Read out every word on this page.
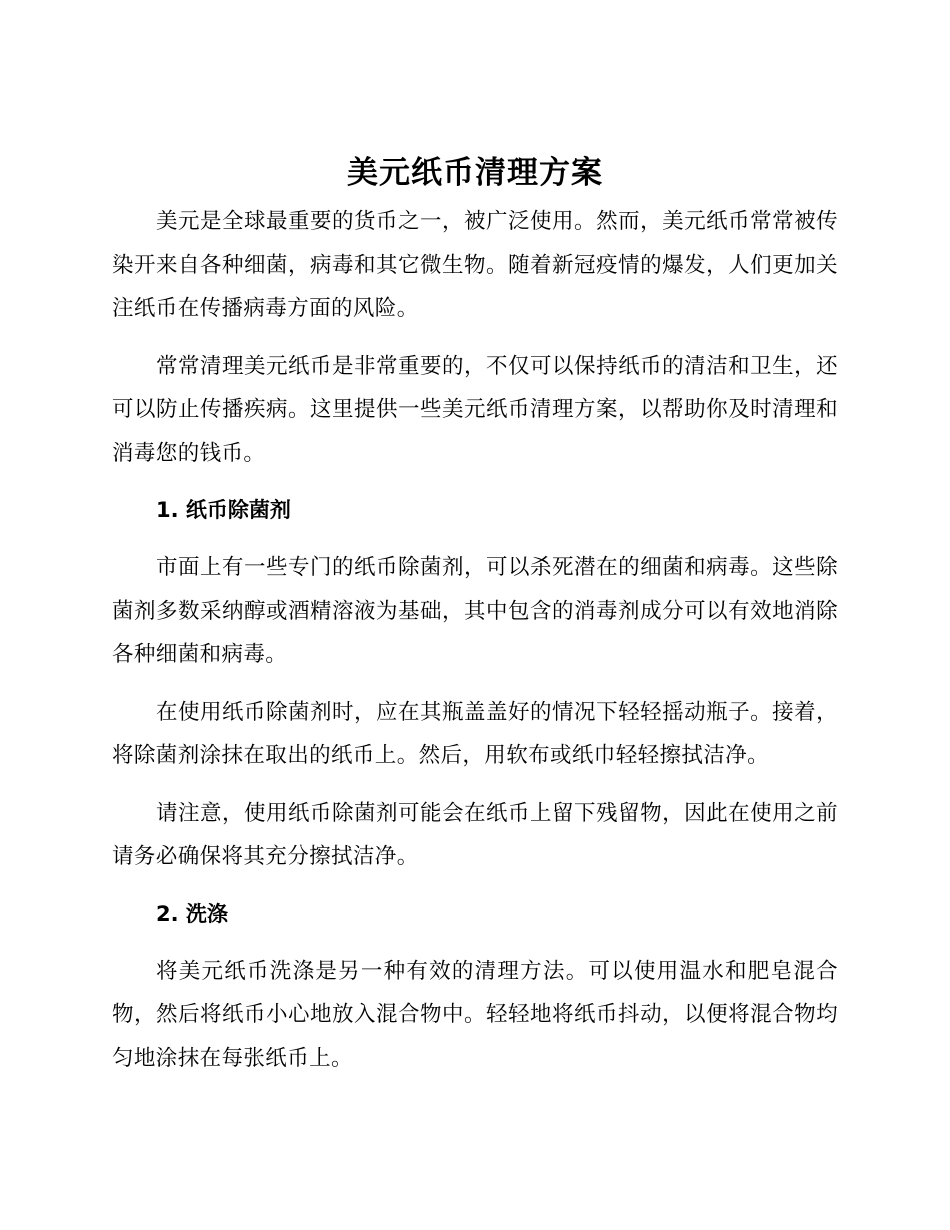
美元纸币清理方案

美元是全球最重要的货币之一，被广泛使用。然而，美元纸币常常被传染开来自各种细菌，病毒和其它微生物。随着新冠疫情的爆发，人们更加关注纸币在传播病毒方面的风险。

常常清理美元纸币是非常重要的，不仅可以保持纸币的清洁和卫生，还可以防止传播疾病。这里提供一些美元纸币清理方案，以帮助你及时清理和消毒您的钱币。

1. 纸币除菌剂

市面上有一些专门的纸币除菌剂，可以杀死潜在的细菌和病毒。这些除菌剂多数采纳醇或酒精溶液为基础，其中包含的消毒剂成分可以有效地消除各种细菌和病毒。

在使用纸币除菌剂时，应在其瓶盖盖好的情况下轻轻摇动瓶子。接着，将除菌剂涂抹在取出的纸币上。然后，用软布或纸巾轻轻擦拭洁净。

请注意，使用纸币除菌剂可能会在纸币上留下残留物，因此在使用之前请务必确保将其充分擦拭洁净。

2. 洗涤

将美元纸币洗涤是另一种有效的清理方法。可以使用温水和肥皂混合物，然后将纸币小心地放入混合物中。轻轻地将纸币抖动，以便将混合物均匀地涂抹在每张纸币上。
